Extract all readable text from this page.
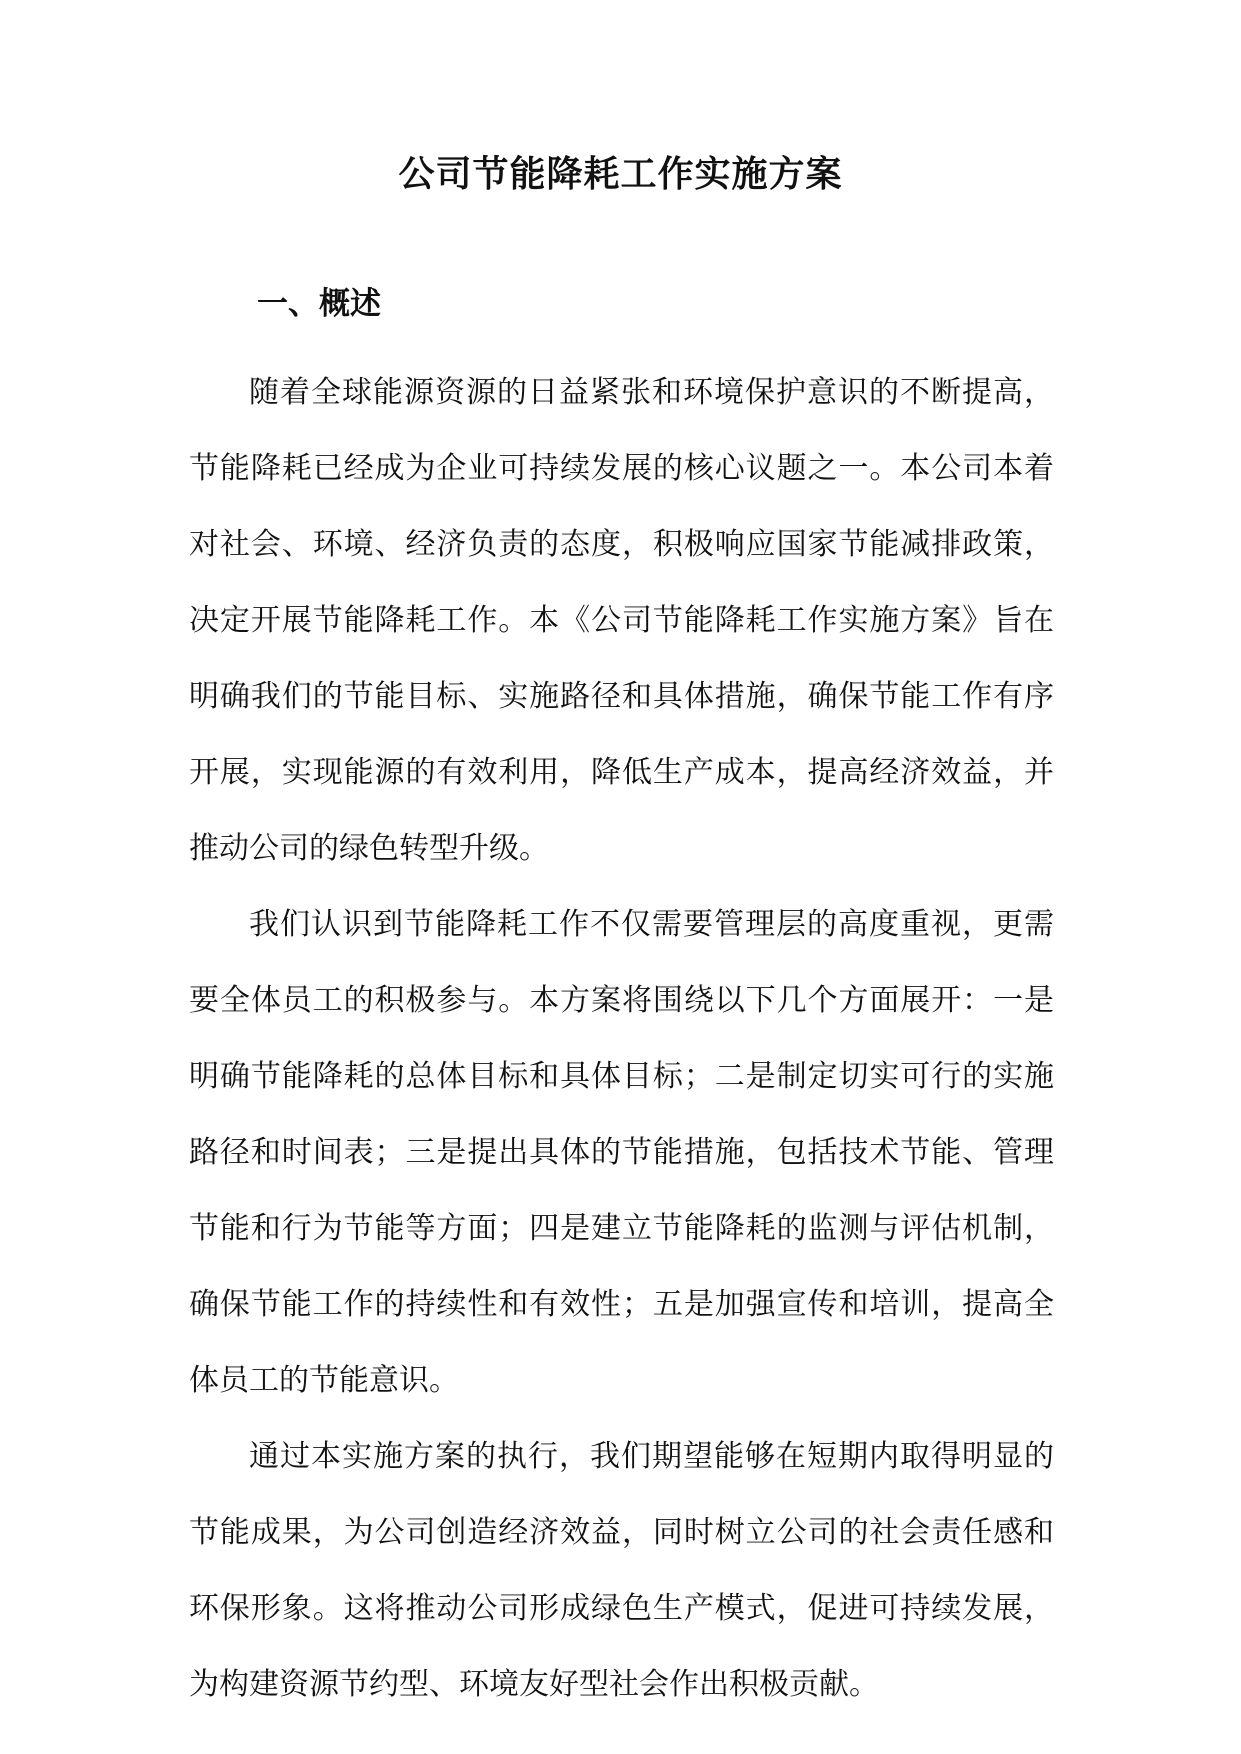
公司节能降耗工作实施方案
一、概述

随着全球能源资源的日益紧张和环境保护意识的不断提高，节能降耗已经成为企业可持续发展的核心议题之一。本公司本着对社会、环境、经济负责的态度，积极响应国家节能减排政策，决定开展节能降耗工作。本《公司节能降耗工作实施方案》旨在明确我们的节能目标、实施路径和具体措施，确保节能工作有序开展，实现能源的有效利用，降低生产成本，提高经济效益，并推动公司的绿色转型升级。

我们认识到节能降耗工作不仅需要管理层的高度重视，更需要全体员工的积极参与。本方案将围绕以下几个方面展开：一是明确节能降耗的总体目标和具体目标；二是制定切实可行的实施路径和时间表；三是提出具体的节能措施，包括技术节能、管理节能和行为节能等方面；四是建立节能降耗的监测与评估机制，确保节能工作的持续性和有效性；五是加强宣传和培训，提高全体员工的节能意识。

通过本实施方案的执行，我们期望能够在短期内取得明显的节能成果，为公司创造经济效益，同时树立公司的社会责任感和环保形象。这将推动公司形成绿色生产模式，促进可持续发展，为构建资源节约型、环境友好型社会作出积极贡献。
